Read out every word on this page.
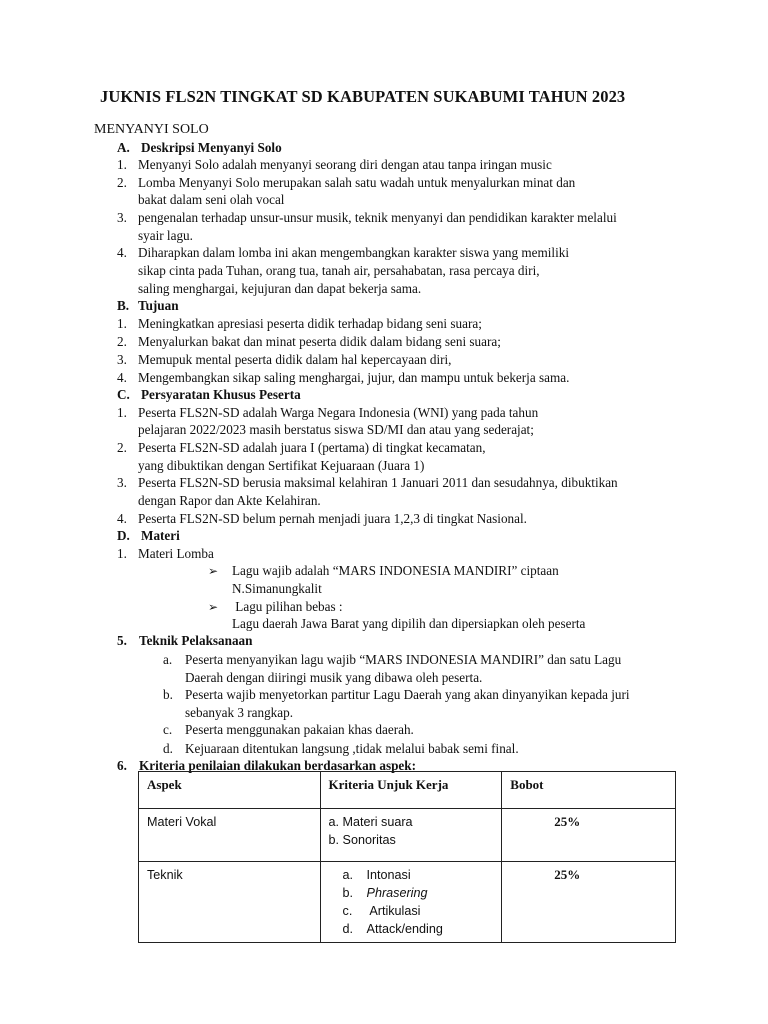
JUKNIS FLS2N TINGKAT SD KABUPATEN SUKABUMI TAHUN 2023
MENYANYI SOLO
A. Deskripsi Menyanyi Solo
1. Menyanyi Solo adalah menyanyi seorang diri dengan atau tanpa iringan music
2. Lomba Menyanyi Solo merupakan salah satu wadah untuk menyalurkan minat dan
bakat dalam seni olah vocal
3. pengenalan terhadap unsur-unsur musik, teknik menyanyi dan pendidikan karakter melalui
syair lagu.
4. Diharapkan dalam lomba ini akan mengembangkan karakter siswa yang memiliki
sikap cinta pada Tuhan, orang tua, tanah air, persahabatan, rasa percaya diri,
saling menghargai, kejujuran dan dapat bekerja sama.
B. Tujuan
1. Meningkatkan apresiasi peserta didik terhadap bidang seni suara;
2. Menyalurkan bakat dan minat peserta didik dalam bidang seni suara;
3. Memupuk mental peserta didik dalam hal kepercayaan diri,
4. Mengembangkan sikap saling menghargai, jujur, dan mampu untuk bekerja sama.
C. Persyaratan Khusus Peserta
1. Peserta FLS2N-SD adalah Warga Negara Indonesia (WNI) yang pada tahun
pelajaran 2022/2023 masih berstatus siswa SD/MI dan atau yang sederajat;
2. Peserta FLS2N-SD adalah juara I (pertama) di tingkat kecamatan,
yang dibuktikan dengan Sertifikat Kejuaraan (Juara 1)
3. Peserta FLS2N-SD berusia maksimal kelahiran 1 Januari 2011 dan sesudahnya, dibuktikan
dengan Rapor dan Akte Kelahiran.
4. Peserta FLS2N-SD belum pernah menjadi juara 1,2,3 di tingkat Nasional.
D. Materi
1. Materi Lomba
➢ Lagu wajib adalah “MARS INDONESIA MANDIRI” ciptaan
N.Simanungkalit
➢ Lagu pilihan bebas :
Lagu daerah Jawa Barat yang dipilih dan dipersiapkan oleh peserta
5. Teknik Pelaksanaan
a. Peserta menyanyikan lagu wajib “MARS INDONESIA MANDIRI” dan satu Lagu
Daerah dengan diiringi musik yang dibawa oleh peserta.
b. Peserta wajib menyetorkan partitur Lagu Daerah yang akan dinyanyikan kepada juri
sebanyak 3 rangkap.
c. Peserta menggunakan pakaian khas daerah.
d. Kejuaraan ditentukan langsung ,tidak melalui babak semi final.
6. Kriteria penilaian dilakukan berdasarkan aspek:
Aspek	Kriteria Unjuk Kerja	Bobot
Materi Vokal	a. Materi suara
b. Sonoritas	25%
Teknik	a. Intonasi
b. Phrasering
c. Artikulasi
d. Attack/ending	25%
